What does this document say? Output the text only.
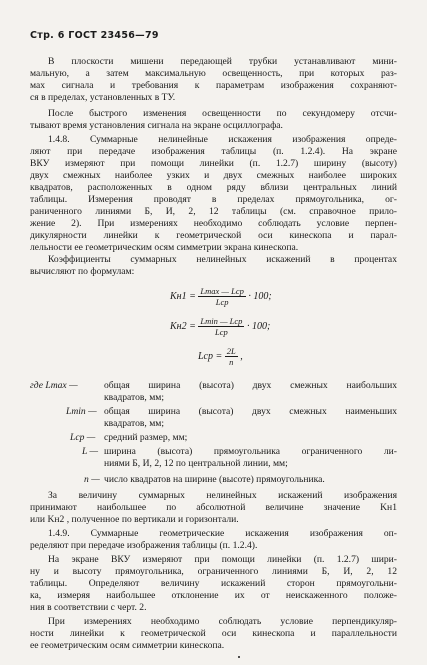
Стр. 6 ГОСТ 23456—79
В плоскости мишени передающей трубки устанавливают мини-
мальную, а затем максимальную освещенность, при которых раз-
мах сигнала и требования к параметрам изображения сохраняют-
ся в пределах, установленных в ТУ.
После быстрого изменения освещенности по секундомеру отсчи-
тывают время установления сигнала на экране осциллографа.
1.4.8. Суммарные нелинейные искажения изображения опреде-
ляют при передаче изображения таблицы (п. 1.2.4). На экране
ВКУ измеряют при помощи линейки (п. 1.2.7) ширину (высоту)
двух смежных наиболее узких и двух смежных наиболее широких
квадратов, расположенных в одном ряду вблизи центральных линий
таблицы. Измерения проводят в пределах прямоугольника, ог-
раниченного линиями Б, И, 2, 12 таблицы (см. справочное прило-
жение 2). При измерениях необходимо соблюдать условие перпен-
дикулярности линейки к геометрической оси кинескопа и парал-
лельности ее геометрическим осям симметрии экрана кинескопа.
Коэффициенты суммарных нелинейных искажений в процентах
вычисляют по формулам:
$Kн1 = \frac{\text{Lmax — Lср}}{\text{Lср}} \cdot 100$;
$Kн2 = \frac{\text{Lmin — Lср}}{\text{Lср}} \cdot 100$;
Lср = $\frac{2L}{n}$ ,
где Lmax —	общая ширина (высота) двух смежных наибольших
квадратов, мм;
Lmin — общая ширина (высота) двух смежных наименьших
квадратов, мм;
Lср — средний размер, мм;
L — ширина (высота) прямоугольника ограниченного ли-
ниями Б, И, 2, 12 по центральной линии, мм;
n — число квадратов на ширине (высоте) прямоугольника.
За величину суммарных нелинейных искажений изображения
принимают наибольшее по абсолютной величине значение Kн1
или Kн2 , полученное по вертикали и горизонтали.
1.4.9. Суммарные геометрические искажения изображения оп-
ределяют при передаче изображения таблицы (п. 1.2.4).
На экране ВКУ измеряют при помощи линейки (п. 1.2.7) шири-
ну и высоту прямоугольника, ограниченного линиями Б, И, 2, 12
таблицы. Определяют величину искажений сторон прямоугольни-
ка, измеряя наибольшее отклонение их от неискаженного положе-
ния в соответствии с черт. 2.
При измерениях необходимо соблюдать условие перпендикуляр-
ности линейки к геометрической оси кинескопа и параллельности
ее геометрическим осям симметрии кинескопа.
